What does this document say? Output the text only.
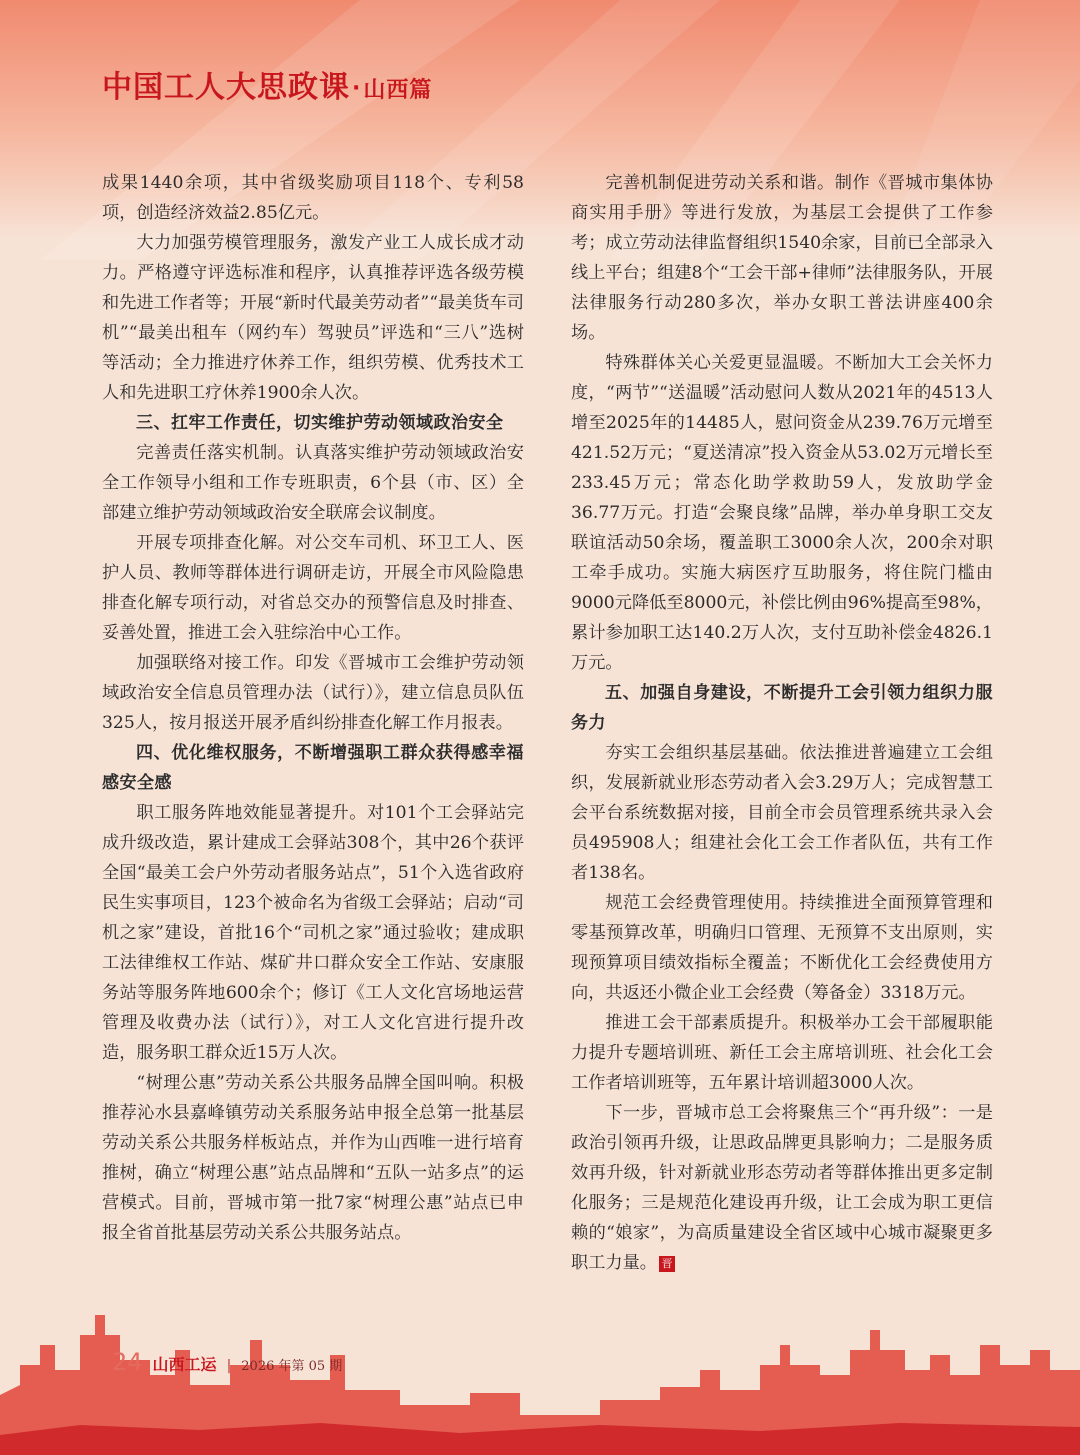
中国工人大思政课·山西篇

成果1440余项，其中省级奖励项目118个、专利58项，创造经济效益2.85亿元。

大力加强劳模管理服务，激发产业工人成长成才动力。严格遵守评选标准和程序，认真推荐评选各级劳模和先进工作者等；开展“新时代最美劳动者”“最美货车司机”“最美出租车（网约车）驾驶员”评选和“三八”选树等活动；全力推进疗休养工作，组织劳模、优秀技术工人和先进职工疗休养1900余人次。

三、扛牢工作责任，切实维护劳动领域政治安全

完善责任落实机制。认真落实维护劳动领域政治安全工作领导小组和工作专班职责，6个县（市、区）全部建立维护劳动领域政治安全联席会议制度。

开展专项排查化解。对公交车司机、环卫工人、医护人员、教师等群体进行调研走访，开展全市风险隐患排查化解专项行动，对省总交办的预警信息及时排查、妥善处置，推进工会入驻综治中心工作。

加强联络对接工作。印发《晋城市工会维护劳动领域政治安全信息员管理办法（试行）》，建立信息员队伍325人，按月报送开展矛盾纠纷排查化解工作月报表。

四、优化维权服务，不断增强职工群众获得感幸福感安全感

职工服务阵地效能显著提升。对101个工会驿站完成升级改造，累计建成工会驿站308个，其中26个获评全国“最美工会户外劳动者服务站点”，51个入选省政府民生实事项目，123个被命名为省级工会驿站；启动“司机之家”建设，首批16个“司机之家”通过验收；建成职工法律维权工作站、煤矿井口群众安全工作站、安康服务站等服务阵地600余个；修订《工人文化宫场地运营管理及收费办法（试行）》，对工人文化宫进行提升改造，服务职工群众近15万人次。

“树理公惠”劳动关系公共服务品牌全国叫响。积极推荐沁水县嘉峰镇劳动关系服务站申报全总第一批基层劳动关系公共服务样板站点，并作为山西唯一进行培育推树，确立“树理公惠”站点品牌和“五队一站多点”的运营模式。目前，晋城市第一批7家“树理公惠”站点已申报全省首批基层劳动关系公共服务站点。

完善机制促进劳动关系和谐。制作《晋城市集体协商实用手册》等进行发放，为基层工会提供了工作参考；成立劳动法律监督组织1540余家，目前已全部录入线上平台；组建8个“工会干部+律师”法律服务队，开展法律服务行动280多次，举办女职工普法讲座400余场。

特殊群体关心关爱更显温暖。不断加大工会关怀力度，“两节”“送温暖”活动慰问人数从2021年的4513人增至2025年的14485人，慰问资金从239.76万元增至421.52万元；“夏送清凉”投入资金从53.02万元增长至233.45万元；常态化助学救助59人，发放助学金36.77万元。打造“会聚良缘”品牌，举办单身职工交友联谊活动50余场，覆盖职工3000余人次，200余对职工牵手成功。实施大病医疗互助服务，将住院门槛由9000元降低至8000元，补偿比例由96%提高至98%，累计参加职工达140.2万人次，支付互助补偿金4826.1万元。

五、加强自身建设，不断提升工会引领力组织力服务力

夯实工会组织基层基础。依法推进普遍建立工会组织，发展新就业形态劳动者入会3.29万人；完成智慧工会平台系统数据对接，目前全市会员管理系统共录入会员495908人；组建社会化工会工作者队伍，共有工作者138名。

规范工会经费管理使用。持续推进全面预算管理和零基预算改革，明确归口管理、无预算不支出原则，实现预算项目绩效指标全覆盖；不断优化工会经费使用方向，共返还小微企业工会经费（筹备金）3318万元。

推进工会干部素质提升。积极举办工会干部履职能力提升专题培训班、新任工会主席培训班、社会化工会工作者培训班等，五年累计培训超3000人次。

下一步，晋城市总工会将聚焦三个“再升级”：一是政治引领再升级，让思政品牌更具影响力；二是服务质效再升级，针对新就业形态劳动者等群体推出更多定制化服务；三是规范化建设再升级，让工会成为职工更信赖的“娘家”，为高质量建设全省区域中心城市凝聚更多职工力量。 晋

24 山西工运 | 2026 年第 05 期
